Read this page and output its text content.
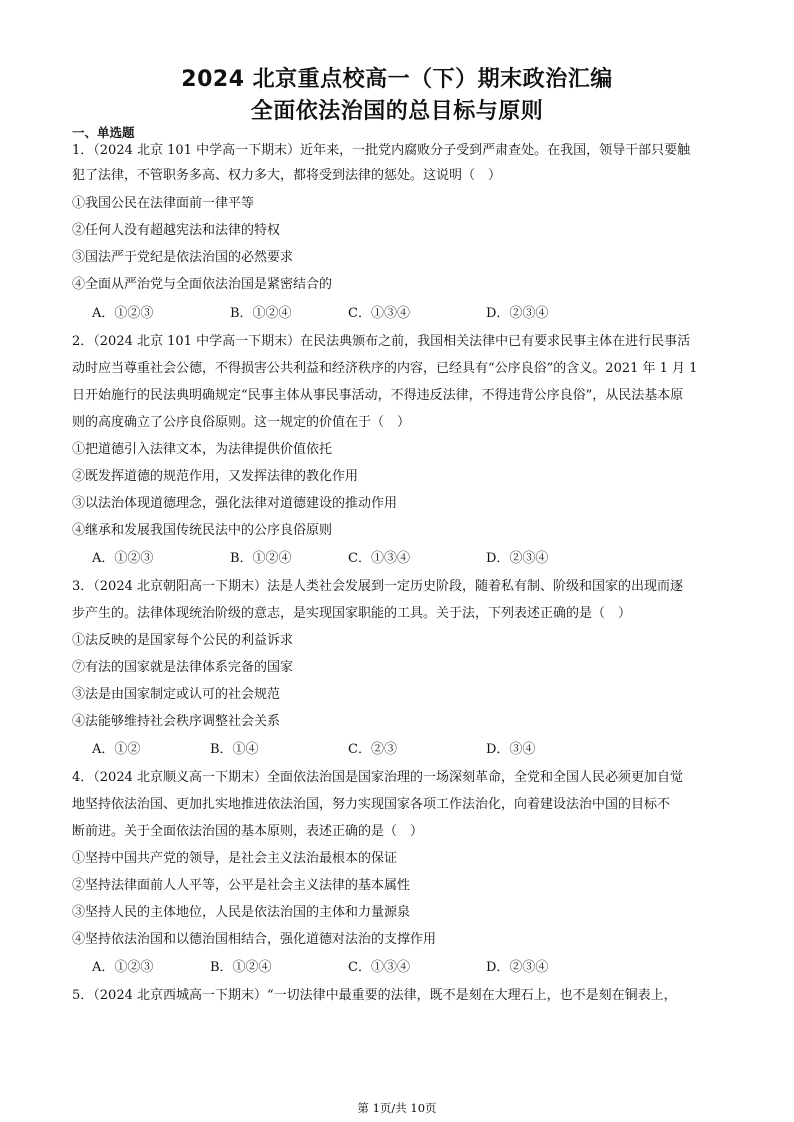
2024 北京重点校高一（下）期末政治汇编
全面依法治国的总目标与原则
一、单选题
1．（2024 北京 101 中学高一下期末）近年来，一批党内腐败分子受到严肃查处。在我国，领导干部只要触
犯了法律，不管职务多高、权力多大，都将受到法律的惩处。这说明（　）
①我国公民在法律面前一律平等
②任何人没有超越宪法和法律的特权
③国法严于党纪是依法治国的必然要求
④全面从严治党与全面依法治国是紧密结合的
A．①②③	B．①②④	C．①③④	D．②③④
2．（2024 北京 101 中学高一下期末）在民法典颁布之前，我国相关法律中已有要求民事主体在进行民事活
动时应当尊重社会公德，不得损害公共利益和经济秩序的内容，已经具有“公序良俗”的含义。2021 年 1 月 1
日开始施行的民法典明确规定“民事主体从事民事活动，不得违反法律，不得违背公序良俗”，从民法基本原
则的高度确立了公序良俗原则。这一规定的价值在于（　）
①把道德引入法律文本，为法律提供价值依托
②既发挥道德的规范作用，又发挥法律的教化作用
③以法治体现道德理念，强化法律对道德建设的推动作用
④继承和发展我国传统民法中的公序良俗原则
A．①②③	B．①②④	C．①③④	D．②③④
3．（2024 北京朝阳高一下期末）法是人类社会发展到一定历史阶段，随着私有制、阶级和国家的出现而逐
步产生的。法律体现统治阶级的意志，是实现国家职能的工具。关于法，下列表述正确的是（　）
①法反映的是国家每个公民的利益诉求
⑦有法的国家就是法律体系完备的国家
③法是由国家制定或认可的社会规范
④法能够维持社会秩序调整社会关系
A．①②	B．①④	C．②③	D．③④
4．（2024 北京顺义高一下期末）全面依法治国是国家治理的一场深刻革命，全党和全国人民必须更加自觉
地坚持依法治国、更加扎实地推进依法治国，努力实现国家各项工作法治化，向着建设法治中国的目标不
断前进。关于全面依法治国的基本原则，表述正确的是（　）
①坚持中国共产党的领导，是社会主义法治最根本的保证
②坚持法律面前人人平等，公平是社会主义法律的基本属性
③坚持人民的主体地位，人民是依法治国的主体和力量源泉
④坚持依法治国和以德治国相结合，强化道德对法治的支撑作用
A．①②③	B．①②④	C．①③④	D．②③④
5．（2024 北京西城高一下期末）“一切法律中最重要的法律，既不是刻在大理石上，也不是刻在铜表上，
第 1页/共 10页
